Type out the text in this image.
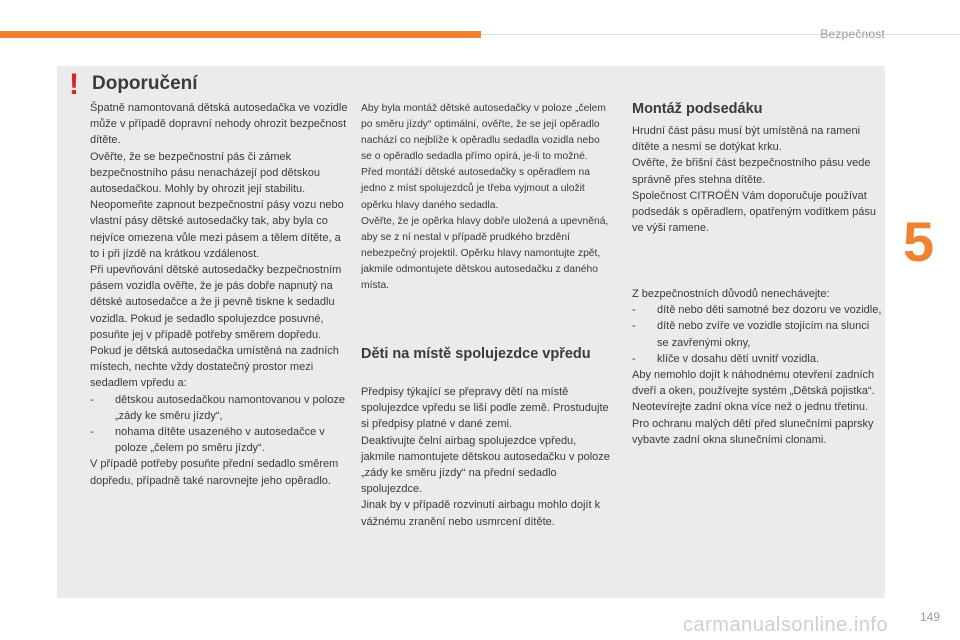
Bezpečnost
5
! Doporučení

Špatně namontovaná dětská autosedačka ve vozidle může v případě dopravní nehody ohrozit bezpečnost dítěte.

Ověřte, že se bezpečnostní pás či zámek bezpečnostního pásu nenacházejí pod dětskou autosedačkou. Mohly by ohrozit její stabilitu.

Neopomeňte zapnout bezpečnostní pásy vozu nebo vlastní pásy dětské autosedačky tak, aby byla co nejvíce omezena vůle mezi pásem a tělem dítěte, a to i při jízdě na krátkou vzdálenost.

Při upevňování dětské autosedačky bezpečnostním pásem vozidla ověřte, že je pás dobře napnutý na dětské autosedačce a že ji pevně tiskne k sedadlu vozidla. Pokud je sedadlo spolujezdce posuvné, posuňte jej v případě potřeby směrem dopředu.

Pokud je dětská autosedačka umístěná na zadních místech, nechte vždy dostatečný prostor mezi sedadlem vpředu a:

- dětskou autosedačkou namontovanou v poloze „zády ke směru jízdy“,
- nohama dítěte usazeného v autosedačce v poloze „čelem po směru jízdy“.

V případě potřeby posuňte přední sedadlo směrem dopředu, případně také narovnejte jeho opěradlo.

Aby byla montáž dětské autosedačky v poloze „čelem po směru jízdy“ optimální, ověřte, že se její opěradlo nachází co nejblíže k opěradlu sedadla vozidla nebo se o opěradlo sedadla přímo opírá, je-li to možné.

Před montáží dětské autosedačky s opěradlem na jedno z míst spolujezdců je třeba vyjmout a uložit opěrku hlavy daného sedadla.

Ověřte, že je opěrka hlavy dobře uložená a upevněná, aby se z ní nestal v případě prudkého brzdění nebezpečný projektil. Opěrku hlavy namontujte zpět, jakmile odmontujete dětskou autosedačku z daného místa.

Děti na místě spolujezdce vpředu

Předpisy týkající se přepravy dětí na místě spolujezdce vpředu se liší podle země. Prostudujte si předpisy platné v dané zemi.

Deaktivujte čelní airbag spolujezdce vpředu, jakmile namontujete dětskou autosedačku v poloze „zády ke směru jízdy“ na přední sedadlo spolujezdce.

Jinak by v případě rozvinutí airbagu mohlo dojít k vážnému zranění nebo usmrcení dítěte.

Montáž podsedáku

Hrudní část pásu musí být umístěná na rameni dítěte a nesmí se dotýkat krku.

Ověřte, že břišní část bezpečnostního pásu vede správně přes stehna dítěte.

Společnost CITROËN Vám doporučuje používat podsedák s opěradlem, opatřeným vodítkem pásu ve výši ramene.

Z bezpečnostních důvodů nenechávejte:

- dítě nebo děti samotné bez dozoru ve vozidle,
- dítě nebo zvíře ve vozidle stojícím na slunci se zavřenými okny,
- klíče v dosahu dětí uvnitř vozidla.

Aby nemohlo dojít k náhodnému otevření zadních dveří a oken, používejte systém „Dětská pojistka“.

Neotevírejte zadní okna více než o jednu třetinu.

Pro ochranu malých dětí před slunečními paprsky vybavte zadní okna slunečními clonami.

carmanualsonline.info	149
